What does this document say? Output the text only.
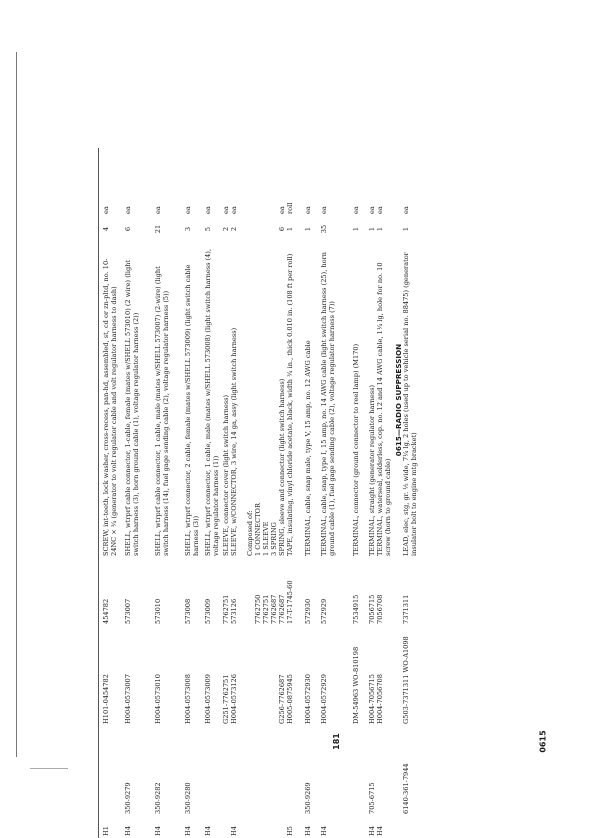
H1
H101-0454782
454782
SCREW, int-teeth, lock washer, cross-recess, pan-hd, assembled, st, cd or zn-pltd, no. 10-24NC × ¾ (generator to volt regulator cable and volt regulator harness to dash)
4
ea
H4
350-9279
H004-0573007
573007
SHELL, wtrprf cable connector, 1-cable, female (mates w/SHELL 573010) (2 wire) (light switch harness (3), horn ground cable (1), voltage regulator harness (2))
6
ea
H4
350-9282
H004-0573010
573010
SHELL, wtrprf cable connector, 1 cable, male (mates w/SHELL 573007) (2-wire) (light switch harness (14), fuel gage sending cable (2), voltage regulator harness (5))
21
ea
H4
350-9280
H004-0573008
573008
SHELL, wtrprf connector, 2 cable, female (mates w/SHELL 573009) (light switch cable harness (3))
3
ea
H4
H004-0573009
573009
SHELL, wtrprf connector, 1 cable, male (mates w/SHELL 573008) (light switch harness (4), voltage regulator harness (1))
5
ea
G251-7762751
7762751
SLEEVE, connector cover (light switch harness)
2
ea
H4
H004-0573126
573126
SLEEVE, w/CONNECTOR, 3 wire, 14 ga, assy (light switch harness)
2
ea
Composed of:
7762750
1 CONNECTOR
7762751
1 SLEEVE
7762687
3 SPRING
G256-7762687
7762687
SPRING, sleeve and connector (light switch harness)
6
ea
H5
H005-0875945
17-T-1745-60
TAPE, insulating, vinyl chloride acetate, black, width ¾ in., thick 0.010 in. (108 ft per roll)
1
roll
H4
350-9269
H004-0572930
572930
TERMINAL, cable, snap male, type V, 15 amp, no. 12 AWG cable
1
ea
H4
H004-0572929
572929
TERMINAL, cable, snap, type I, 15 amp, no. 14 AWG cable (light switch harness (25), horn ground cable (1), fuel gage sending cable (2), voltage regulator harness (7))
35
ea
DM-54963 WO-810198
7534915
TERMINAL, connector (ground connector to reel lamp) (M170)
1
ea
H4
705-6715
H004-7056715
7056715
TERMINAL, straight (generator regulator harness)
1
ea
H4
H004-7056708
7056708
TERMINAL, waterseal, solderless, cop. no. 12 and 14 AWG cable, 1¼ lg, hole for no. 10 screw (horn to ground cable)
1
ea
6140-361-7944
G503-7371311 WO-A1098
7371311
LEAD, elec, stg, gr. ½ wide, 7¼ lg, 2 holes (used up to vehicle serial no. 88475) (generator insulator bolt to engine mtg bracket)
1
ea
0615—RADIO SUPPRESSION
181	0615
